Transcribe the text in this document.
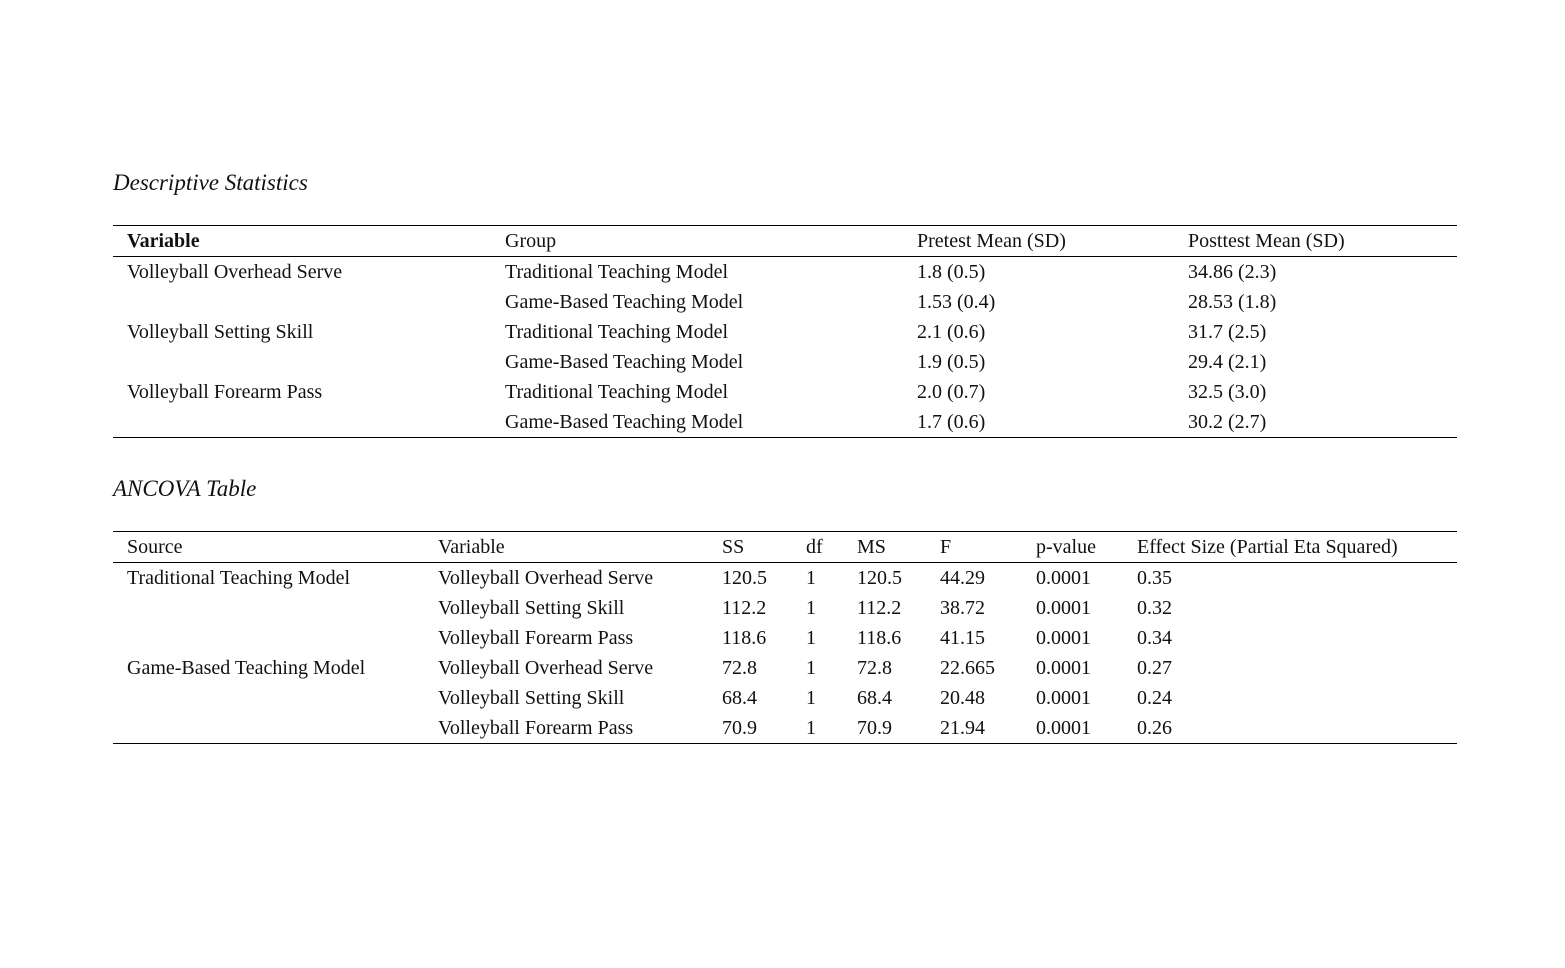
Descriptive Statistics

Variable	Group	Pretest Mean (SD)	Posttest Mean (SD)
Volleyball Overhead Serve	Traditional Teaching Model	1.8 (0.5)	34.86 (2.3)
	Game-Based Teaching Model	1.53 (0.4)	28.53 (1.8)
Volleyball Setting Skill	Traditional Teaching Model	2.1 (0.6)	31.7 (2.5)
	Game-Based Teaching Model	1.9 (0.5)	29.4 (2.1)
Volleyball Forearm Pass	Traditional Teaching Model	2.0 (0.7)	32.5 (3.0)
	Game-Based Teaching Model	1.7 (0.6)	30.2 (2.7)

ANCOVA Table

Source	Variable	SS	df	MS	F	p-value	Effect Size (Partial Eta Squared)
Traditional Teaching Model	Volleyball Overhead Serve	120.5	1	120.5	44.29	0.0001	0.35
	Volleyball Setting Skill	112.2	1	112.2	38.72	0.0001	0.32
	Volleyball Forearm Pass	118.6	1	118.6	41.15	0.0001	0.34
Game-Based Teaching Model	Volleyball Overhead Serve	72.8	1	72.8	22.665	0.0001	0.27
	Volleyball Setting Skill	68.4	1	68.4	20.48	0.0001	0.24
	Volleyball Forearm Pass	70.9	1	70.9	21.94	0.0001	0.26
